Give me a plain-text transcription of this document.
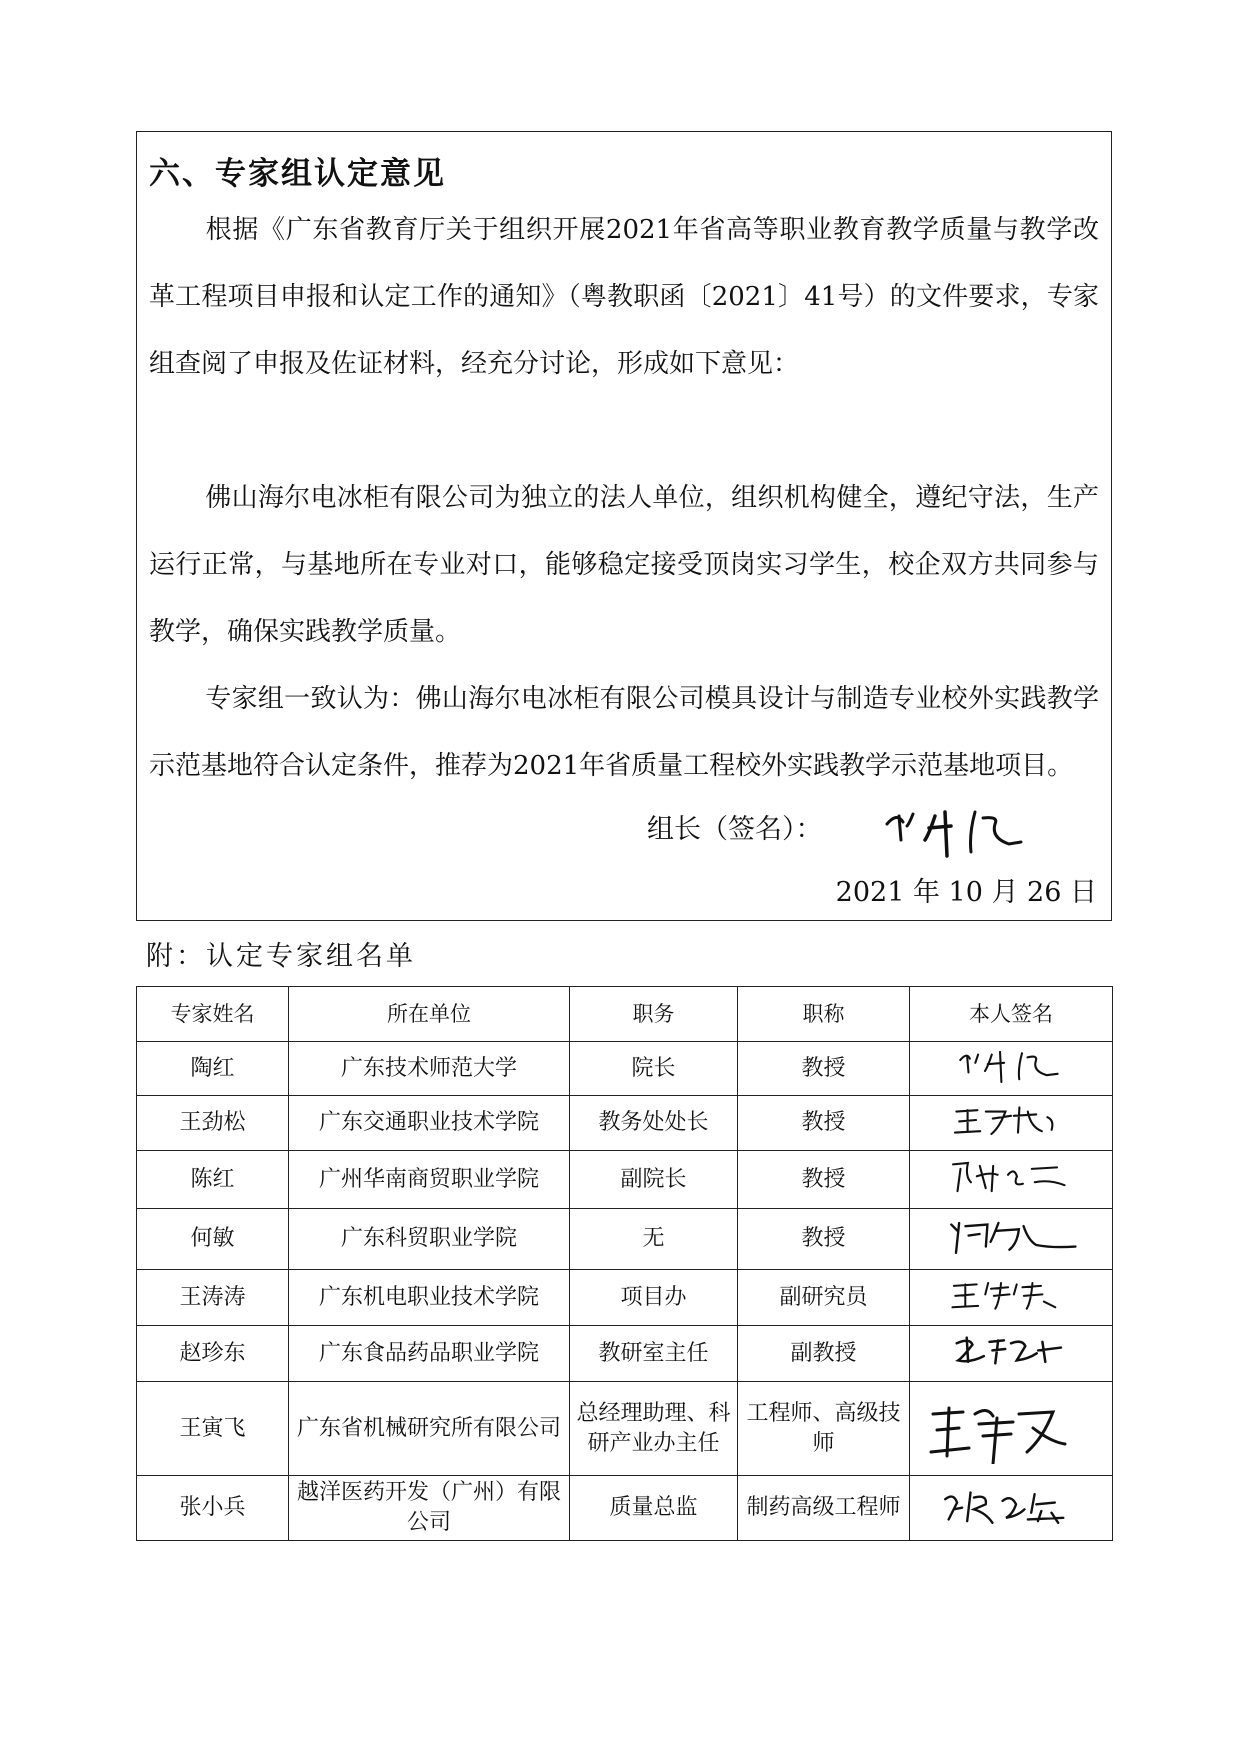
六、专家组认定意见
根据《广东省教育厅关于组织开展2021年省高等职业教育教学质量与教学改革工程项目申报和认定工作的通知》（粤教职函〔2021〕41号）的文件要求，专家组查阅了申报及佐证材料，经充分讨论，形成如下意见：
佛山海尔电冰柜有限公司为独立的法人单位，组织机构健全，遵纪守法，生产运行正常，与基地所在专业对口，能够稳定接受顶岗实习学生，校企双方共同参与教学，确保实践教学质量。
专家组一致认为：佛山海尔电冰柜有限公司模具设计与制造专业校外实践教学示范基地符合认定条件，推荐为2021年省质量工程校外实践教学示范基地项目。
组长（签名）：
2021 年 10 月 26 日
附：认定专家组名单
专家姓名	所在单位	职务	职称	本人签名
陶红	广东技术师范大学	院长	教授	

王劲松	广东交通职业技术学院	教务处处长	教授	

陈红	广州华南商贸职业学院	副院长	教授	

何敏	广东科贸职业学院	无	教授	

王涛涛	广东机电职业技术学院	项目办	副研究员	

赵珍东	广东食品药品职业学院	教研室主任	副教授	

王寅飞	广东省机械研究所有限公司	总经理助理、科研产业办主任	工程师、高级技师	

张小兵	越洋医药开发（广州）有限公司	质量总监	制药高级工程师	
